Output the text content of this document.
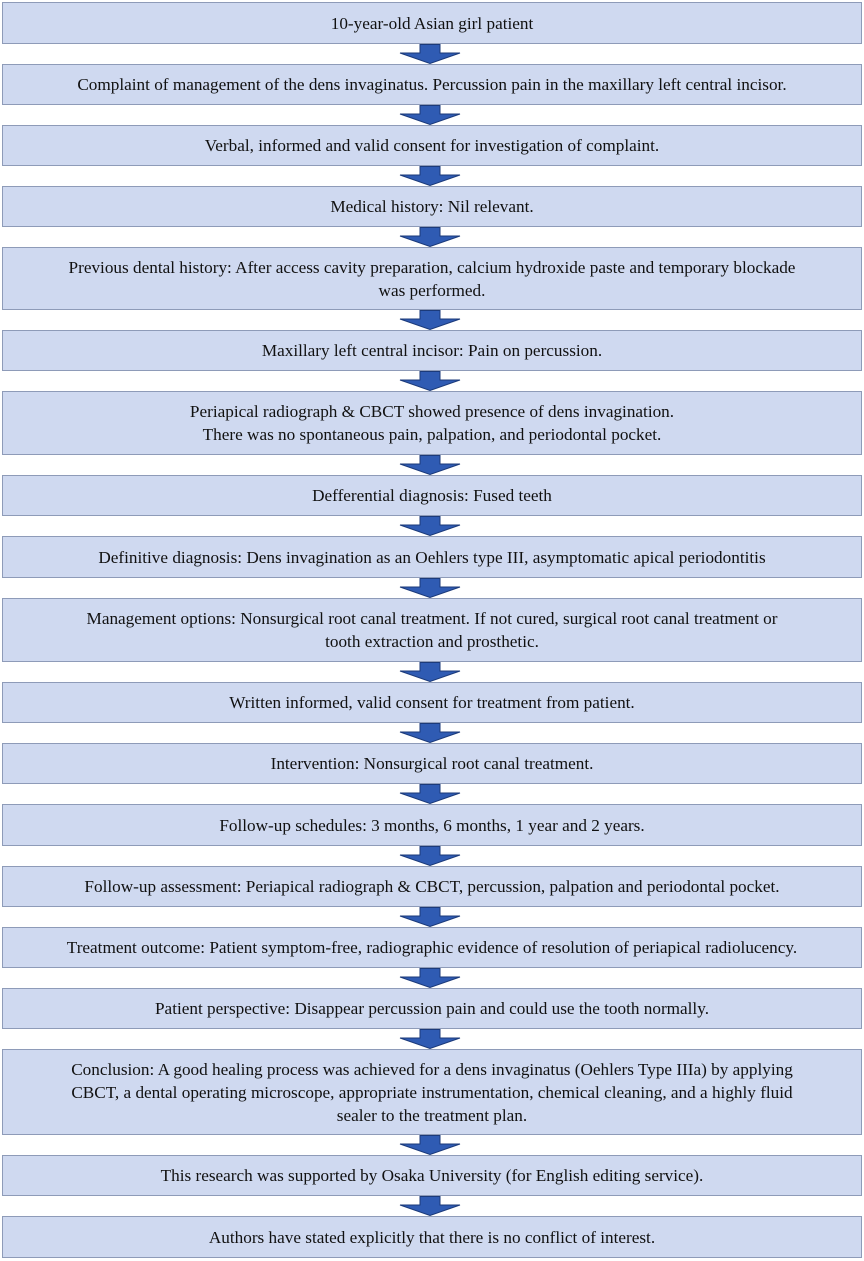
10-year-old Asian girl patient
Complaint of management of the dens invaginatus. Percussion pain in the maxillary left central incisor.
Verbal, informed and valid consent for investigation of complaint.
Medical history: Nil relevant.
Previous dental history: After access cavity preparation, calcium hydroxide paste and temporary blockade
was performed.
Maxillary left central incisor: Pain on percussion.
Periapical radiograph & CBCT showed presence of dens invagination.
There was no spontaneous pain, palpation, and periodontal pocket.
Defferential diagnosis: Fused teeth
Definitive diagnosis: Dens invagination as an Oehlers type III, asymptomatic apical periodontitis
Management options: Nonsurgical root canal treatment. If not cured, surgical root canal treatment or
tooth extraction and prosthetic.
Written informed, valid consent for treatment from patient.
Intervention: Nonsurgical root canal treatment.
Follow-up schedules: 3 months, 6 months, 1 year and 2 years.
Follow-up assessment: Periapical radiograph & CBCT, percussion, palpation and periodontal pocket.
Treatment outcome: Patient symptom-free, radiographic evidence of resolution of periapical radiolucency.
Patient perspective: Disappear percussion pain and could use the tooth normally.
Conclusion: A good healing process was achieved for a dens invaginatus (Oehlers Type IIIa) by applying
CBCT, a dental operating microscope, appropriate instrumentation, chemical cleaning, and a highly fluid
sealer to the treatment plan.
This research was supported by Osaka University (for English editing service).
Authors have stated explicitly that there is no conflict of interest.
